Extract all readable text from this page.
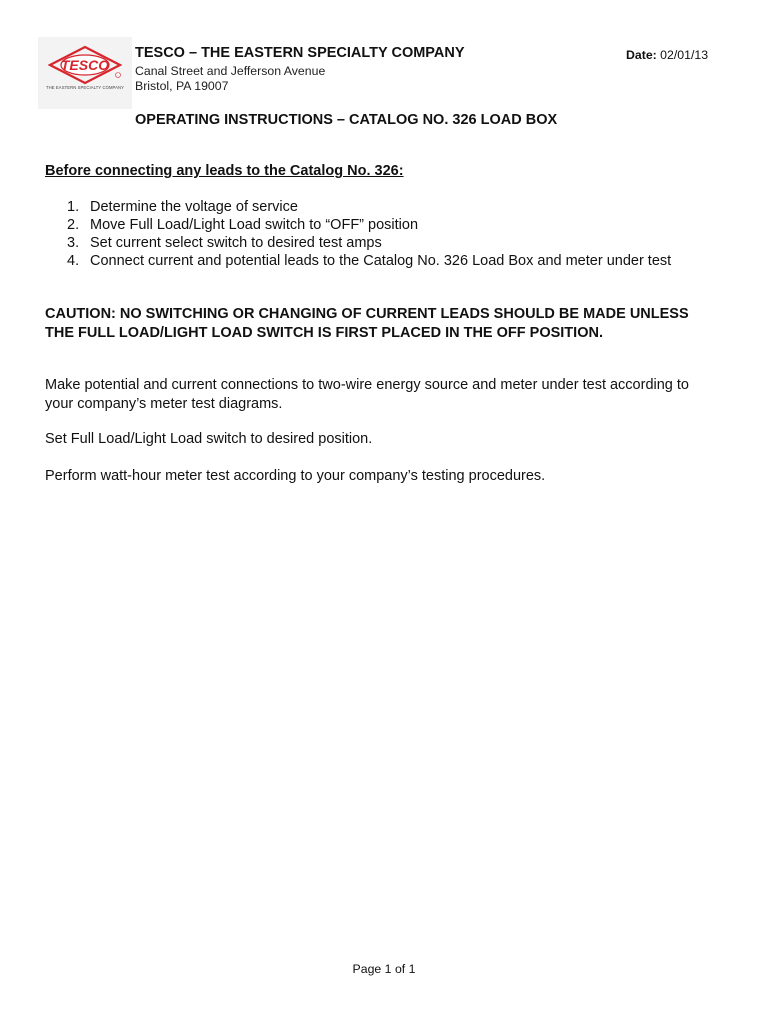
TESCO
THE EASTERN SPECIALTY COMPANY
TESCO – THE EASTERN SPECIALTY COMPANY
Canal Street and Jefferson Avenue
Bristol, PA 19007
Date: 02/01/13
OPERATING INSTRUCTIONS – CATALOG NO. 326 LOAD BOX
Before connecting any leads to the Catalog No. 326:
1. Determine the voltage of service
2. Move Full Load/Light Load switch to “OFF” position
3. Set current select switch to desired test amps
4. Connect current and potential leads to the Catalog No. 326 Load Box and meter under test
CAUTION: NO SWITCHING OR CHANGING OF CURRENT LEADS SHOULD BE MADE UNLESS
THE FULL LOAD/LIGHT LOAD SWITCH IS FIRST PLACED IN THE OFF POSITION.
Make potential and current connections to two-wire energy source and meter under test according to
your company’s meter test diagrams.
Set Full Load/Light Load switch to desired position.
Perform watt-hour meter test according to your company’s testing procedures.
Page 1 of 1
